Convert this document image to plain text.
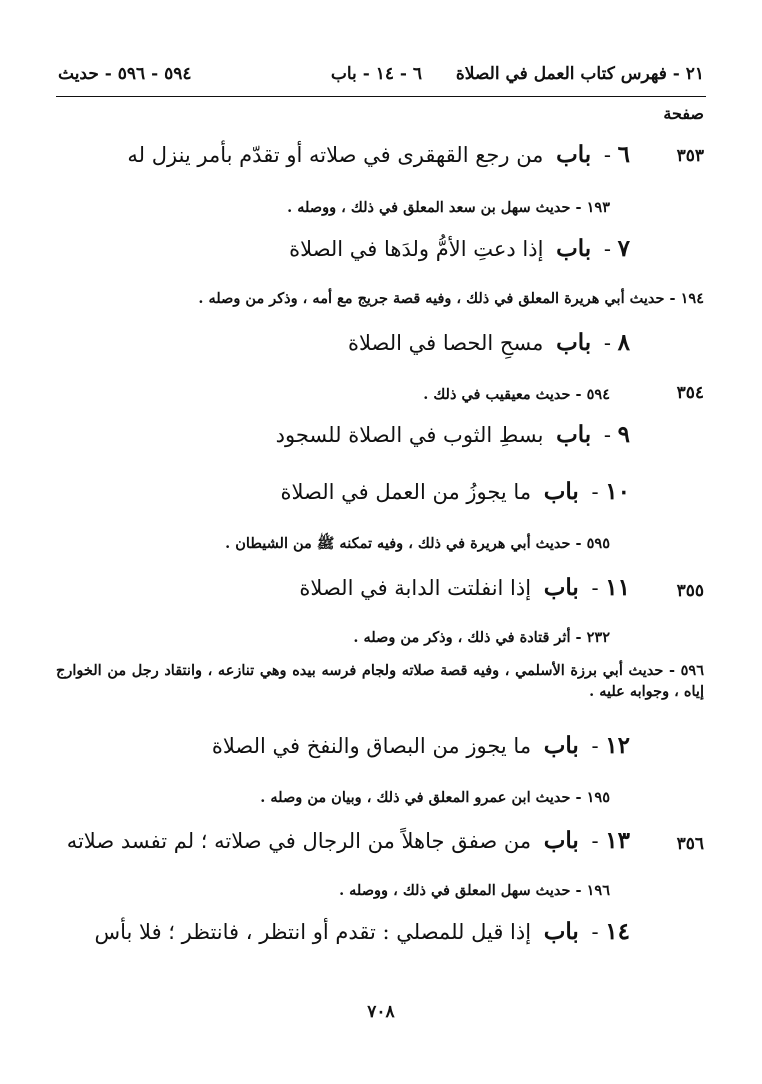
٢١ - فهرس كتاب العمل في الصلاة
٦ - ١٤ - باب
٥٩٤ - ٥٩٦ - حديث
صفحة
٣٥٣
٦ - باب من رجع القهقرى في صلاته أو تقدّم بأمر ينزل له
١٩٣ - حديث سهل بن سعد المعلق في ذلك ، ووصله .
٧ - باب إذا دعتِ الأمُّ ولدَها في الصلاة
١٩٤ - حديث أبي هريرة المعلق في ذلك ، وفيه قصة جريج مع أمه ، وذكر من وصله .
٨ - باب مسحِ الحصا في الصلاة
٣٥٤
٥٩٤ - حديث معيقيب في ذلك .
٩ - باب بسطِ الثوب في الصلاة للسجود
١٠ - باب ما يجوزُ من العمل في الصلاة
٥٩٥ - حديث أبي هريرة في ذلك ، وفيه تمكنه ﷺ من الشيطان .
٣٥٥
١١ - باب إذا انفلتت الدابة في الصلاة
٢٣٢ - أثر قتادة في ذلك ، وذكر من وصله .
٥٩٦ - حديث أبي برزة الأسلمي ، وفيه قصة صلاته ولجام فرسه بيده وهي تنازعه ، وانتقاد رجل من الخوارج إياه ، وجوابه عليه .
١٢ - باب ما يجوز من البصاق والنفخ في الصلاة
١٩٥ - حديث ابن عمرو المعلق في ذلك ، وبيان من وصله .
٣٥٦
١٣ - باب من صفق جاهلاً من الرجال في صلاته ؛ لم تفسد صلاته
١٩٦ - حديث سهل المعلق في ذلك ، ووصله .
١٤ - باب إذا قيل للمصلي : تقدم أو انتظر ، فانتظر ؛ فلا بأس
٧٠٨
